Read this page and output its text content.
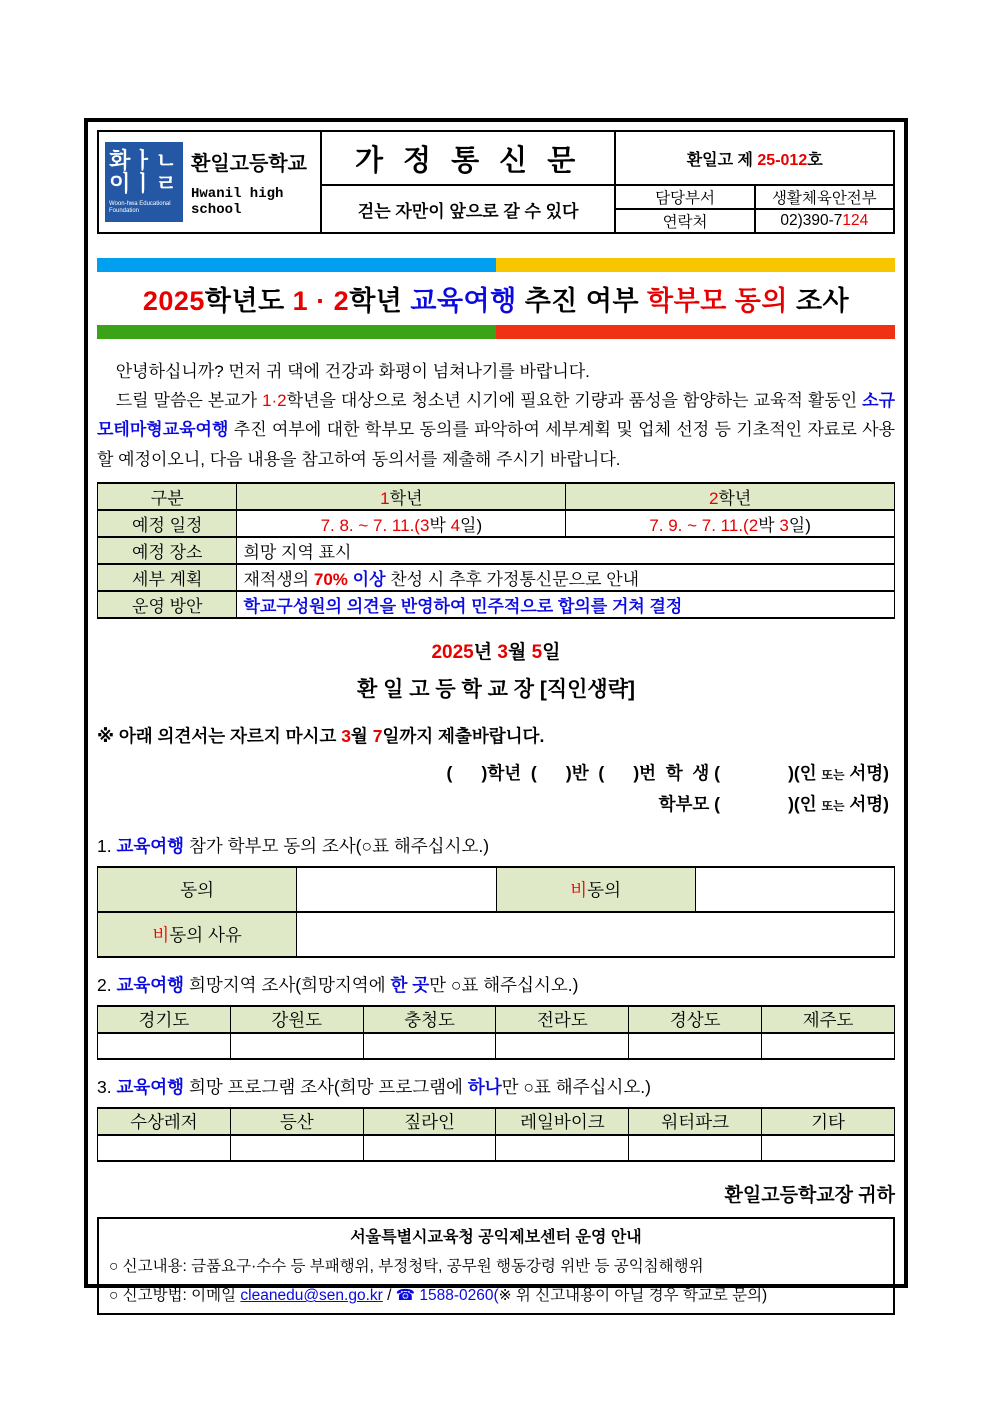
화ㅏㄴ
이ㅣㄹ
Woon-hwa Educational Foundation
환일고등학교
Hwanil high school	가 정 통 신 문	환일고 제 25-012호	
	걷는 자만이 앞으로 갈 수 있다	담당부서	생활체육안전부
		연락처	02)390-7124
2025학년도 1 · 2학년 교육여행 추진 여부 학부모 동의 조사

안녕하십니까? 먼저 귀 댁에 건강과 화평이 넘쳐나기를 바랍니다.

드릴 말씀은 본교가 1·2학년을 대상으로 청소년 시기에 필요한 기량과 품성을 함양하는 교육적 활동인 소규모테마형교육여행 추진 여부에 대한 학부모 동의를 파악하여 세부계획 및 업체 선정 등 기초적인 자료로 사용할 예정이오니, 다음 내용을 참고하여 동의서를 제출해 주시기 바랍니다.

구분	1학년	2학년
예정 일정	7. 8. ~ 7. 11.(3박 4일)	7. 9. ~ 7. 11.(2박 3일)
예정 장소	희망 지역 표시	
세부 계획	재적생의 70% 이상 찬성 시 추후 가정통신문으로 안내	
운영 방안	학교구성원의 의견을 반영하여 민주적으로 합의를 거쳐 결정	
2025년 3월 5일
환 일 고 등 학 교 장 [직인생략]
※ 아래 의견서는 자르지 마시고 3월 7일까지 제출바랍니다.
(      )학년  (      )반  (      )번  학  생 (	)(인 또는 서명)
학부모 (	)(인 또는 서명)
1. 교육여행 참가 학부모 동의 조사(○표 해주십시오.)
동의		비동의	
비동의 사유			
2. 교육여행 희망지역 조사(희망지역에 한 곳만 ○표 해주십시오.)
경기도	강원도	충청도	전라도	경상도	제주도

3. 교육여행 희망 프로그램 조사(희망 프로그램에 하나만 ○표 해주십시오.)
수상레저	등산	짚라인	레일바이크	워터파크	기타

환일고등학교장 귀하
서울특별시교육청 공익제보센터 운영 안내
○ 신고내용: 금품요구·수수 등 부패행위, 부정청탁, 공무원 행동강령 위반 등 공익침해행위
○ 신고방법: 이메일 cleanedu@sen.go.kr / ☎ 1588-0260(※ 위 신고내용이 아닐 경우 학교로 문의)
